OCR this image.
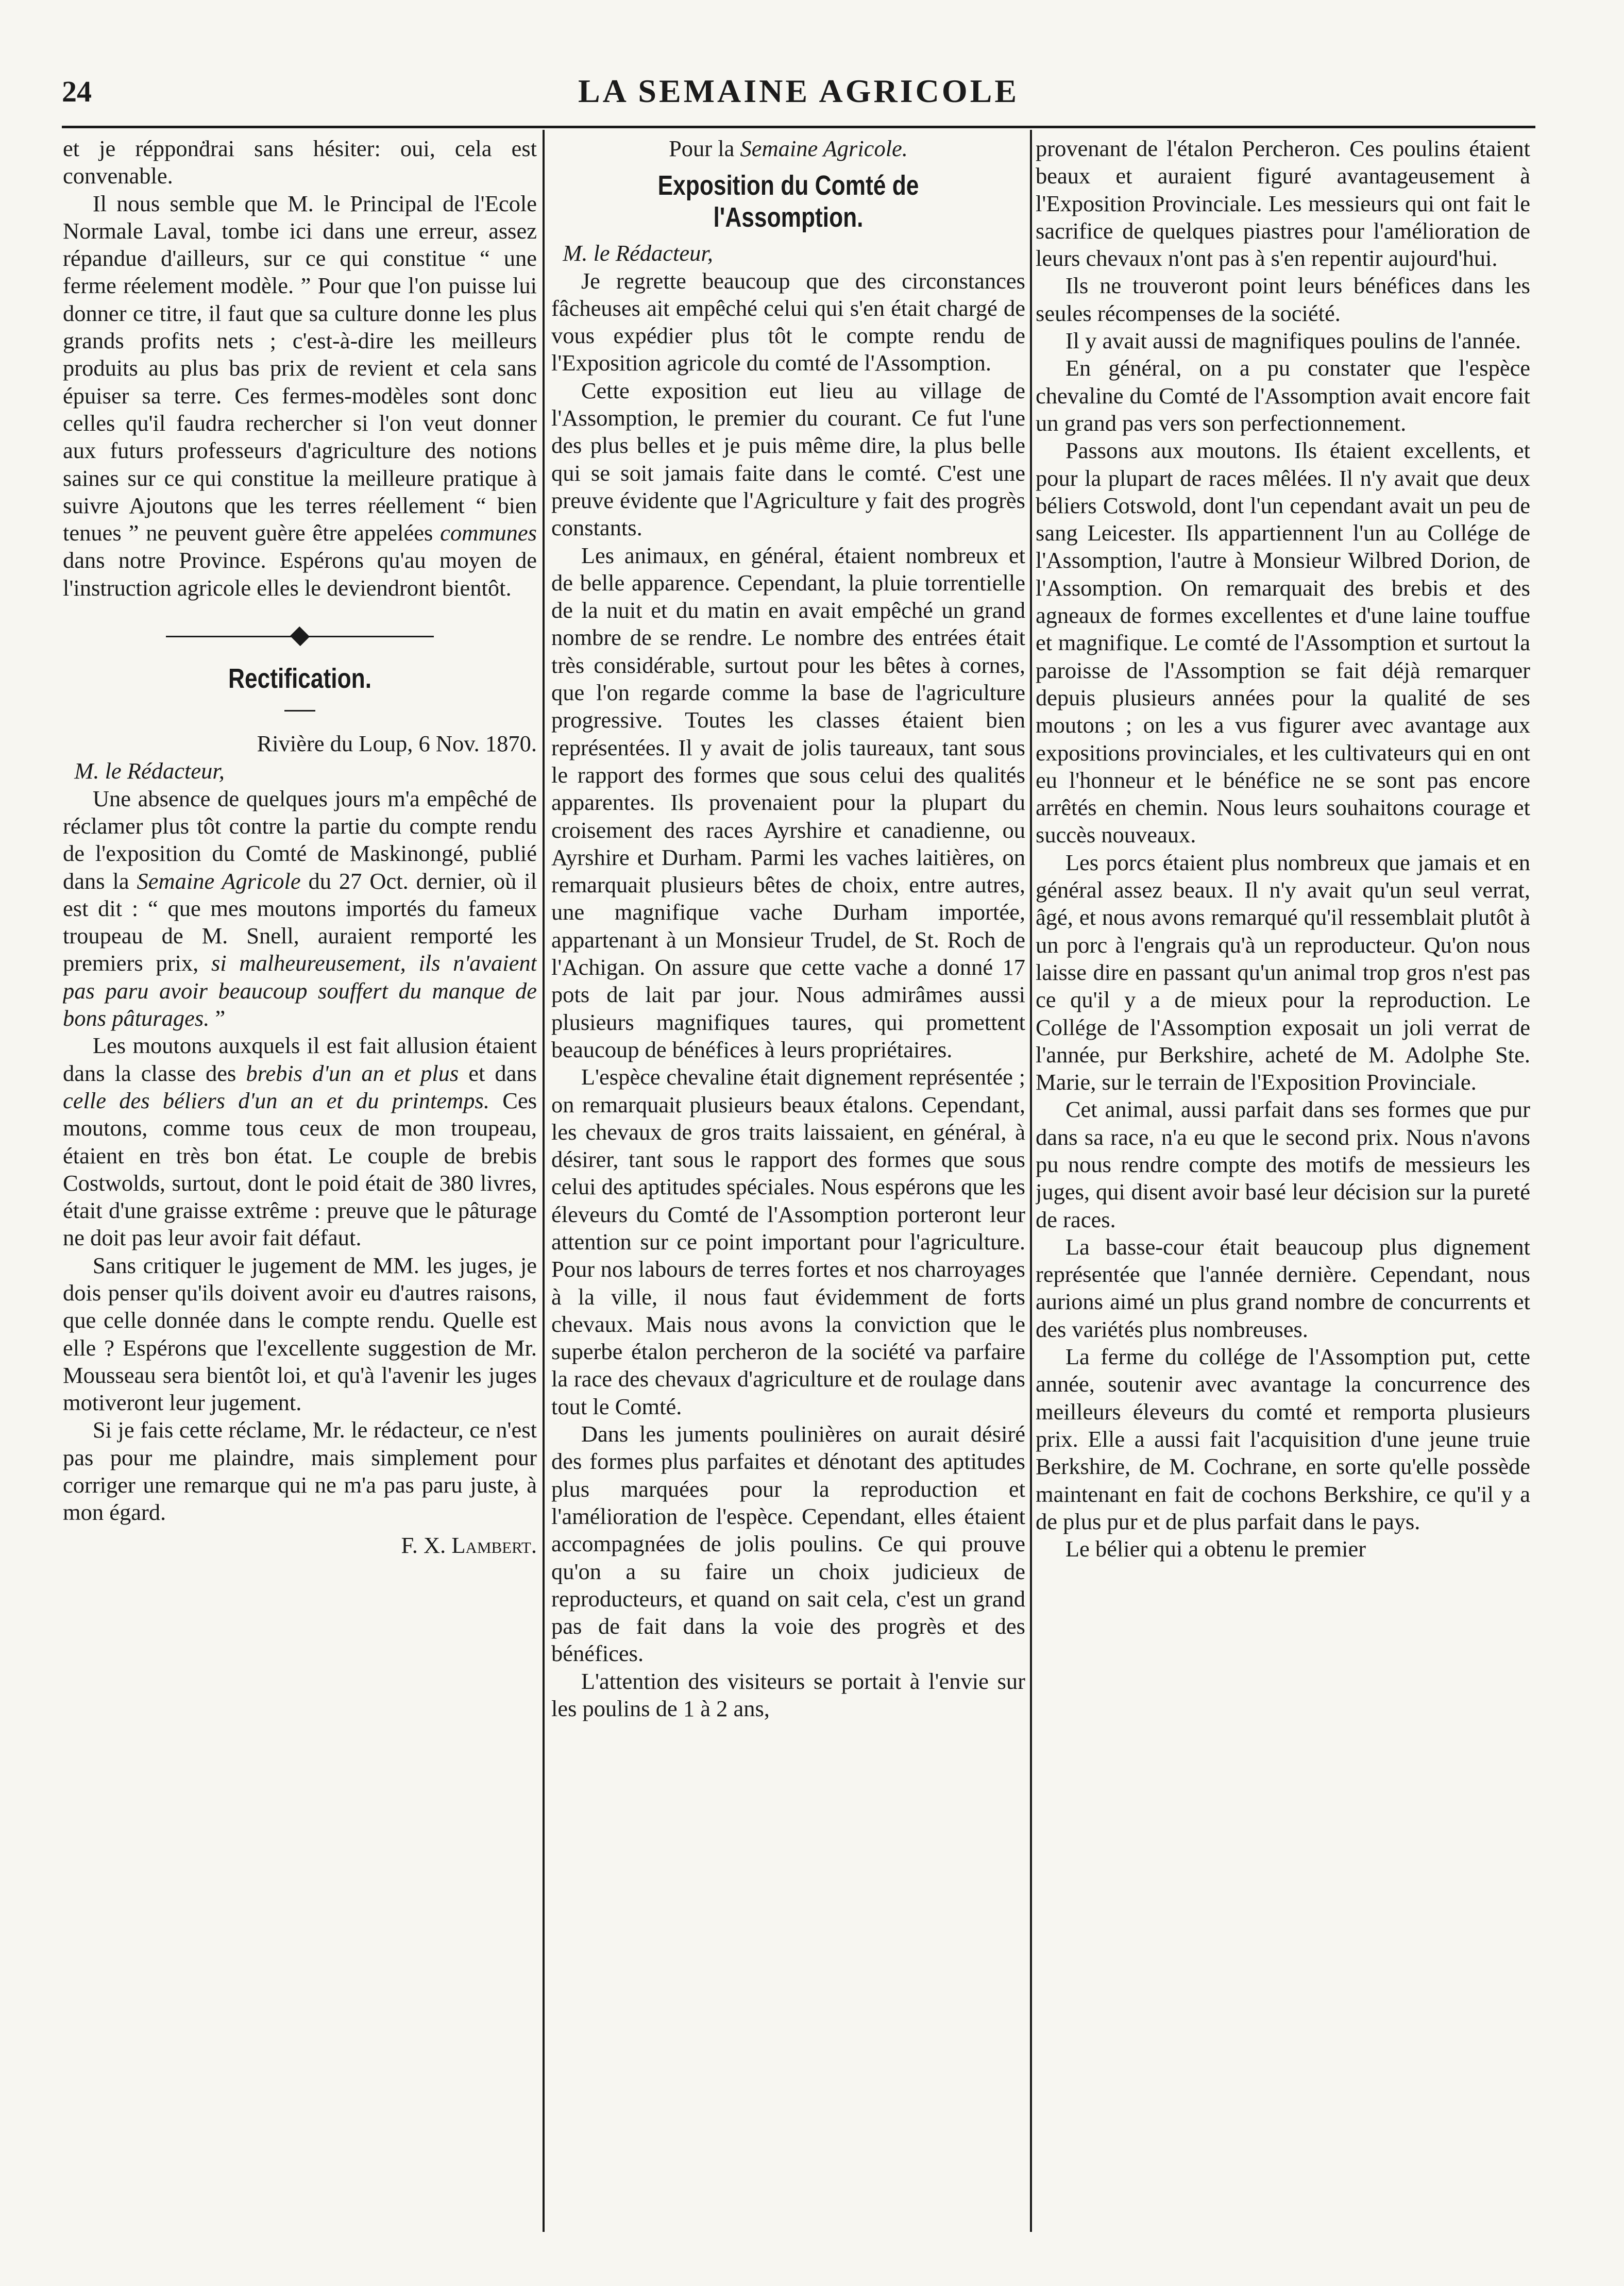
24	LA SEMAINE AGRICOLE

et je répponḋrai sans hésiter: oui, cela est convenable.

Il nous semble que M. le Principal de l'Ecole Normale Laval, tombe ici dans une erreur, assez répandue d'ailleurs, sur ce qui constitue “ une ferme réelement modèle. ” Pour que l'on puisse lui donner ce titre, il faut que sa culture donne les plus grands profits nets ; c'est-à-dire les meilleurs produits au plus bas prix de revient et cela sans épuiser sa terre. Ces fermes-modèles sont donc celles qu'il faudra rechercher si l'on veut donner aux futurs professeurs d'agriculture des notions saines sur ce qui constitue la meilleure pratique à suivre Ajoutons que les terres réellement “ bien tenues ” ne peuvent guère être appelées communes dans notre Province. Espérons qu'au moyen de l'instruction agricole elles le deviendront bientôt.

Rectification.

Rivière du Loup, 6 Nov. 1870.

M. le Rédacteur,

Une absence de quelques jours m'a empêché de réclamer plus tôt contre la partie du compte rendu de l'exposition du Comté de Maskinongé, publié dans la Semaine Agricole du 27 Oct. dernier, où il est dit : “ que mes moutons importés du fameux troupeau de M. Snell, auraient remporté les premiers prix, si malheureusement, ils n'avaient pas paru avoir beaucoup souffert du manque de bons pâturages. ”

Les moutons auxquels il est fait allusion étaient dans la classe des brebis d'un an et plus et dans celle des béliers d'un an et du printemps. Ces moutons, comme tous ceux de mon troupeau, étaient en très bon état. Le couple de brebis Costwolds, surtout, dont le poid était de 380 livres, était d'une graisse extrême : preuve que le pâturage ne doit pas leur avoir fait défaut.

Sans critiquer le jugement de MM. les juges, je dois penser qu'ils doivent avoir eu d'autres raisons, que celle donnée dans le compte rendu. Quelle est elle ? Espérons que l'excellente suggestion de Mr. Mousseau sera bientôt loi, et qu'à l'avenir les juges motiveront leur jugement.

Si je fais cette réclame, Mr. le rédacteur, ce n'est pas pour me plaindre, mais simplement pour corriger une remarque qui ne m'a pas paru juste, à mon égard.

F. X. Lambert.

Pour la Semaine Agricole.

Exposition du Comté de l'Assomption.

M. le Rédacteur,

Je regrette beaucoup que des circonstances fâcheuses ait empêché celui qui s'en était chargé de vous expédier plus tôt le compte rendu de l'Exposition agricole du comté de l'Assomption.

Cette exposition eut lieu au village de l'Assomption, le premier du courant. Ce fut l'une des plus belles et je puis même dire, la plus belle qui se soit jamais faite dans le comté. C'est une preuve évidente que l'Agriculture y fait des progrès constants.

Les animaux, en général, étaient nombreux et de belle apparence. Cependant, la pluie torrentielle de la nuit et du matin en avait empêché un grand nombre de se rendre. Le nombre des entrées était très considérable, surtout pour les bêtes à cornes, que l'on regarde comme la base de l'agriculture progressive. Toutes les classes étaient bien représentées. Il y avait de jolis taureaux, tant sous le rapport des formes que sous celui des qualités apparentes. Ils provenaient pour la plupart du croisement des races Ayrshire et canadienne, ou Ayrshire et Durham. Parmi les vaches laitières, on remarquait plusieurs bêtes de choix, entre autres, une magnifique vache Durham importée, appartenant à un Monsieur Trudel, de St. Roch de l'Achigan. On assure que cette vache a donné 17 pots de lait par jour. Nous admirâmes aussi plusieurs magnifiques taures, qui promettent beaucoup de bénéfices à leurs propriétaires.

L'espèce chevaline était dignement représentée ; on remarquait plusieurs beaux étalons. Cependant, les chevaux de gros traits laissaient, en général, à désirer, tant sous le rapport des formes que sous celui des aptitudes spéciales. Nous espérons que les éleveurs du Comté de l'Assomption porteront leur attention sur ce point important pour l'agriculture. Pour nos labours de terres fortes et nos charroyages à la ville, il nous faut évidemment de forts chevaux. Mais nous avons la conviction que le superbe étalon percheron de la société va parfaire la race des chevaux d'agriculture et de roulage dans tout le Comté.

Dans les juments poulinières on aurait désiré des formes plus parfaites et dénotant des aptitudes plus marquées pour la reproduction et l'amélioration de l'espèce. Cependant, elles étaient accompagnées de jolis poulins. Ce qui prouve qu'on a su faire un choix judicieux de reproducteurs, et quand on sait cela, c'est un grand pas de fait dans la voie des progrès et des bénéfices.

L'attention des visiteurs se portait à l'envie sur les poulins de 1 à 2 ans,

provenant de l'étalon Percheron. Ces poulins étaient beaux et auraient figuré avantageusement à l'Exposition Provinciale. Les messieurs qui ont fait le sacrifice de quelques piastres pour l'amélioration de leurs chevaux n'ont pas à s'en repentir aujourd'hui.

Ils ne trouveront point leurs bénéfices dans les seules récompenses de la société.

Il y avait aussi de magnifiques poulins de l'année.

En général, on a pu constater que l'espèce chevaline du Comté de l'Assomption avait encore fait un grand pas vers son perfectionnement.

Passons aux moutons. Ils étaient excellents, et pour la plupart de races mêlées. Il n'y avait que deux béliers Cotswold, dont l'un cependant avait un peu de sang Leicester. Ils appartiennent l'un au Collége de l'Assomption, l'autre à Monsieur Wilbred Dorion, de l'Assomption. On remarquait des brebis et des agneaux de formes excellentes et d'une laine touffue et magnifique. Le comté de l'Assomption et surtout la paroisse de l'Assomption se fait déjà remarquer depuis plusieurs années pour la qualité de ses moutons ; on les a vus figurer avec avantage aux expositions provinciales, et les cultivateurs qui en ont eu l'honneur et le bénéfice ne se sont pas encore arrêtés en chemin. Nous leurs souhaitons courage et succès nouveaux.

Les porcs étaient plus nombreux que jamais et en général assez beaux. Il n'y avait qu'un seul verrat, âgé, et nous avons remarqué qu'il ressemblait plutôt à un porc à l'engrais qu'à un reproducteur. Qu'on nous laisse dire en passant qu'un animal trop gros n'est pas ce qu'il y a de mieux pour la reproduction. Le Collége de l'Assomption exposait un joli verrat de l'année, pur Berkshire, acheté de M. Adolphe Ste. Marie, sur le terrain de l'Exposition Provinciale.

Cet animal, aussi parfait dans ses formes que pur dans sa race, n'a eu que le second prix. Nous n'avons pu nous rendre compte des motifs de messieurs les juges, qui disent avoir basé leur décision sur la pureté de races.

La basse-cour était beaucoup plus dignement représentée que l'année dernière. Cependant, nous aurions aimé un plus grand nombre de concurrents et des variétés plus nombreuses.

La ferme du collége de l'Assomption put, cette année, soutenir avec avantage la concurrence des meilleurs éleveurs du comté et remporta plusieurs prix. Elle a aussi fait l'acquisition d'une jeune truie Berkshire, de M. Cochrane, en sorte qu'elle possède maintenant en fait de cochons Berkshire, ce qu'il y a de plus pur et de plus parfait dans le pays.

Le bélier qui a obtenu le premier
